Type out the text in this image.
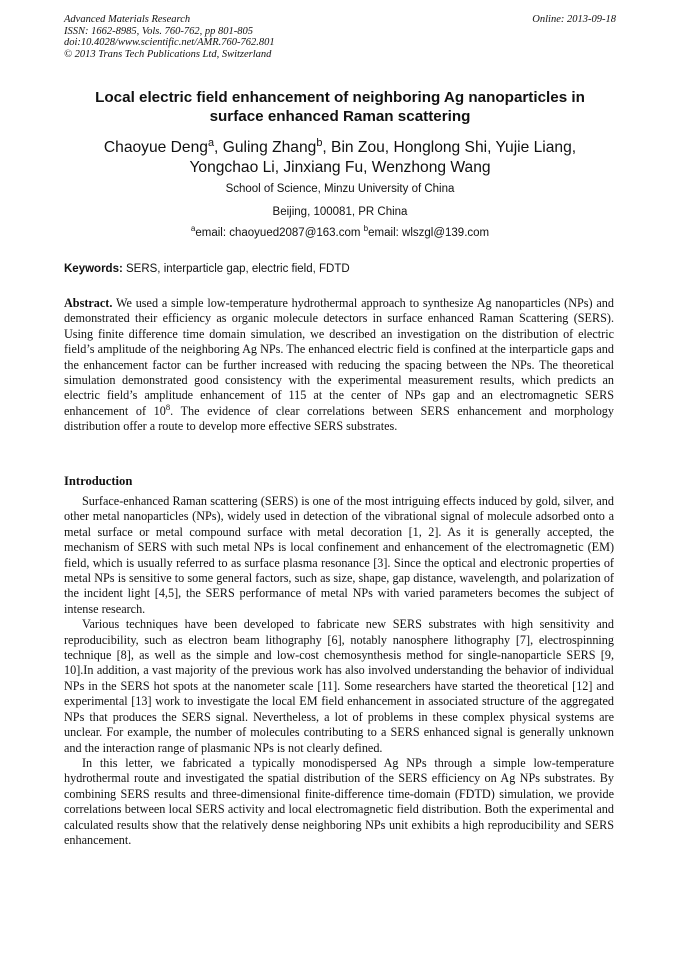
Advanced Materials Research
ISSN: 1662-8985, Vols. 760-762, pp 801-805
doi:10.4028/www.scientific.net/AMR.760-762.801
© 2013 Trans Tech Publications Ltd, Switzerland
Online: 2013-09-18
Local electric field enhancement of neighboring Ag nanoparticles in
surface enhanced Raman scattering
Chaoyue Deng$^a$, Guling Zhang$^b$, Bin Zou, Honglong Shi, Yujie Liang,
Yongchao Li, Jinxiang Fu, Wenzhong Wang
School of Science, Minzu University of China
Beijing, 100081, PR China
$^a$email: chaoyued2087@163.com $^b$email: wlszgl@139.com
Keywords: SERS, interparticle gap, electric field, FDTD

Abstract. We used a simple low-temperature hydrothermal approach to synthesize Ag nanoparticles (NPs) and demonstrated their efficiency as organic molecule detectors in surface enhanced Raman Scattering (SERS). Using finite difference time domain simulation, we described an investigation on the distribution of electric field’s amplitude of the neighboring Ag NPs. The enhanced electric field is confined at the interparticle gaps and the enhancement factor can be further increased with reducing the spacing between the NPs. The theoretical simulation demonstrated good consistency with the experimental measurement results, which predicts an electric field’s amplitude enhancement of 115 at the center of NPs gap and an electromagnetic SERS enhancement of $10^8$. The evidence of clear correlations between SERS enhancement and morphology distribution offer a route to develop more effective SERS substrates.

Introduction

Surface-enhanced Raman scattering (SERS) is one of the most intriguing effects induced by gold, silver, and other metal nanoparticles (NPs), widely used in detection of the vibrational signal of molecule adsorbed onto a metal surface or metal compound surface with metal decoration [1, 2]. As it is generally accepted, the mechanism of SERS with such metal NPs is local confinement and enhancement of the electromagnetic (EM) field, which is usually referred to as surface plasma resonance [3]. Since the optical and electronic properties of metal NPs is sensitive to some general factors, such as size, shape, gap distance, wavelength, and polarization of the incident light [4,5], the SERS performance of metal NPs with varied parameters becomes the subject of intense research.

Various techniques have been developed to fabricate new SERS substrates with high sensitivity and reproducibility, such as electron beam lithography [6], notably nanosphere lithography [7], electrospinning technique [8], as well as the simple and low-cost chemosynthesis method for single-nanoparticle SERS [9, 10].In addition, a vast majority of the previous work has also involved understanding the behavior of individual NPs in the SERS hot spots at the nanometer scale [11]. Some researchers have started the theoretical [12] and experimental [13] work to investigate the local EM field enhancement in associated structure of the aggregated NPs that produces the SERS signal. Nevertheless, a lot of problems in these complex physical systems are unclear. For example, the number of molecules contributing to a SERS enhanced signal is generally unknown and the interaction range of plasmanic NPs is not clearly defined.

In this letter, we fabricated a typically monodispersed Ag NPs through a simple low-temperature hydrothermal route and investigated the spatial distribution of the SERS efficiency on Ag NPs substrates. By combining SERS results and three-dimensional finite-difference time-domain (FDTD) simulation, we provide correlations between local SERS activity and local electromagnetic field distribution. Both the experimental and calculated results show that the relatively dense neighboring NPs unit exhibits a high reproducibility and SERS enhancement.
